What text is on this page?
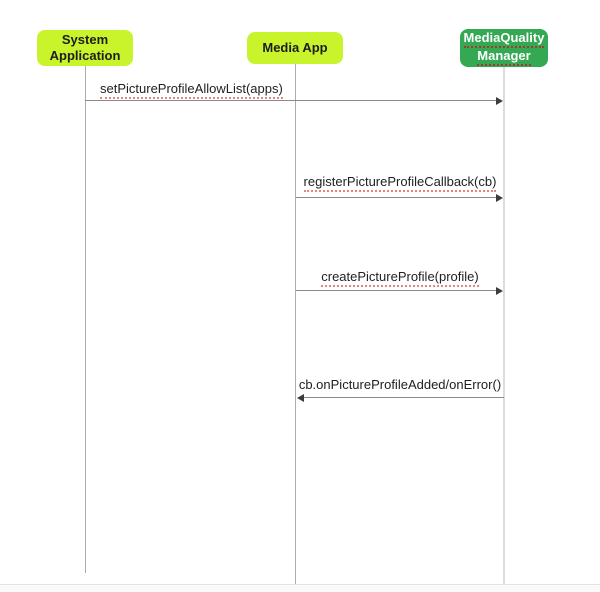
System
Application
Media App
MediaQuality
Manager
setPictureProfileAllowList(apps)
registerPictureProfileCallback(cb)
createPictureProfile(profile)
cb.onPictureProfileAdded/onError()
